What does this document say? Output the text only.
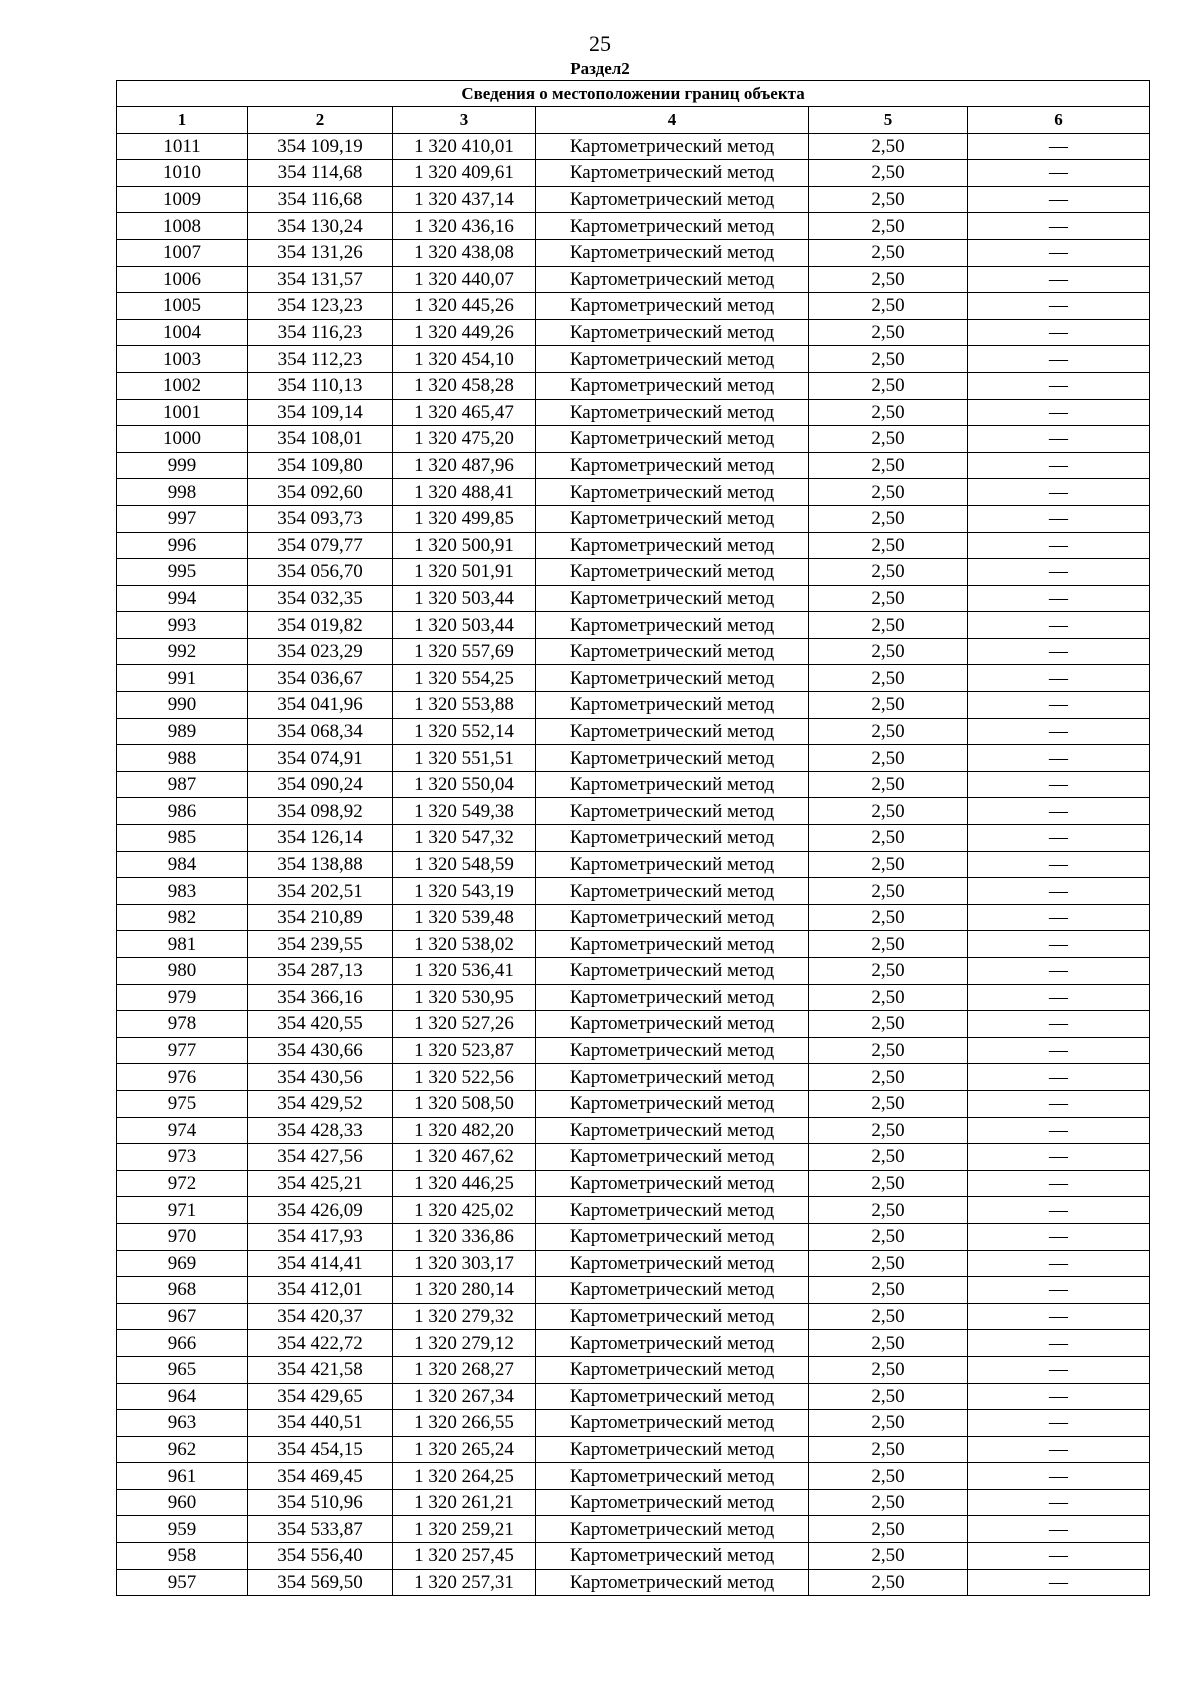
25
Раздел2
Сведения о местоположении границ объекта					
1	2	3	4	5	6
1011	354 109,19	1 320 410,01	Картометрический метод	2,50	—
1010	354 114,68	1 320 409,61	Картометрический метод	2,50	—
1009	354 116,68	1 320 437,14	Картометрический метод	2,50	—
1008	354 130,24	1 320 436,16	Картометрический метод	2,50	—
1007	354 131,26	1 320 438,08	Картометрический метод	2,50	—
1006	354 131,57	1 320 440,07	Картометрический метод	2,50	—
1005	354 123,23	1 320 445,26	Картометрический метод	2,50	—
1004	354 116,23	1 320 449,26	Картометрический метод	2,50	—
1003	354 112,23	1 320 454,10	Картометрический метод	2,50	—
1002	354 110,13	1 320 458,28	Картометрический метод	2,50	—
1001	354 109,14	1 320 465,47	Картометрический метод	2,50	—
1000	354 108,01	1 320 475,20	Картометрический метод	2,50	—
999	354 109,80	1 320 487,96	Картометрический метод	2,50	—
998	354 092,60	1 320 488,41	Картометрический метод	2,50	—
997	354 093,73	1 320 499,85	Картометрический метод	2,50	—
996	354 079,77	1 320 500,91	Картометрический метод	2,50	—
995	354 056,70	1 320 501,91	Картометрический метод	2,50	—
994	354 032,35	1 320 503,44	Картометрический метод	2,50	—
993	354 019,82	1 320 503,44	Картометрический метод	2,50	—
992	354 023,29	1 320 557,69	Картометрический метод	2,50	—
991	354 036,67	1 320 554,25	Картометрический метод	2,50	—
990	354 041,96	1 320 553,88	Картометрический метод	2,50	—
989	354 068,34	1 320 552,14	Картометрический метод	2,50	—
988	354 074,91	1 320 551,51	Картометрический метод	2,50	—
987	354 090,24	1 320 550,04	Картометрический метод	2,50	—
986	354 098,92	1 320 549,38	Картометрический метод	2,50	—
985	354 126,14	1 320 547,32	Картометрический метод	2,50	—
984	354 138,88	1 320 548,59	Картометрический метод	2,50	—
983	354 202,51	1 320 543,19	Картометрический метод	2,50	—
982	354 210,89	1 320 539,48	Картометрический метод	2,50	—
981	354 239,55	1 320 538,02	Картометрический метод	2,50	—
980	354 287,13	1 320 536,41	Картометрический метод	2,50	—
979	354 366,16	1 320 530,95	Картометрический метод	2,50	—
978	354 420,55	1 320 527,26	Картометрический метод	2,50	—
977	354 430,66	1 320 523,87	Картометрический метод	2,50	—
976	354 430,56	1 320 522,56	Картометрический метод	2,50	—
975	354 429,52	1 320 508,50	Картометрический метод	2,50	—
974	354 428,33	1 320 482,20	Картометрический метод	2,50	—
973	354 427,56	1 320 467,62	Картометрический метод	2,50	—
972	354 425,21	1 320 446,25	Картометрический метод	2,50	—
971	354 426,09	1 320 425,02	Картометрический метод	2,50	—
970	354 417,93	1 320 336,86	Картометрический метод	2,50	—
969	354 414,41	1 320 303,17	Картометрический метод	2,50	—
968	354 412,01	1 320 280,14	Картометрический метод	2,50	—
967	354 420,37	1 320 279,32	Картометрический метод	2,50	—
966	354 422,72	1 320 279,12	Картометрический метод	2,50	—
965	354 421,58	1 320 268,27	Картометрический метод	2,50	—
964	354 429,65	1 320 267,34	Картометрический метод	2,50	—
963	354 440,51	1 320 266,55	Картометрический метод	2,50	—
962	354 454,15	1 320 265,24	Картометрический метод	2,50	—
961	354 469,45	1 320 264,25	Картометрический метод	2,50	—
960	354 510,96	1 320 261,21	Картометрический метод	2,50	—
959	354 533,87	1 320 259,21	Картометрический метод	2,50	—
958	354 556,40	1 320 257,45	Картометрический метод	2,50	—
957	354 569,50	1 320 257,31	Картометрический метод	2,50	—
